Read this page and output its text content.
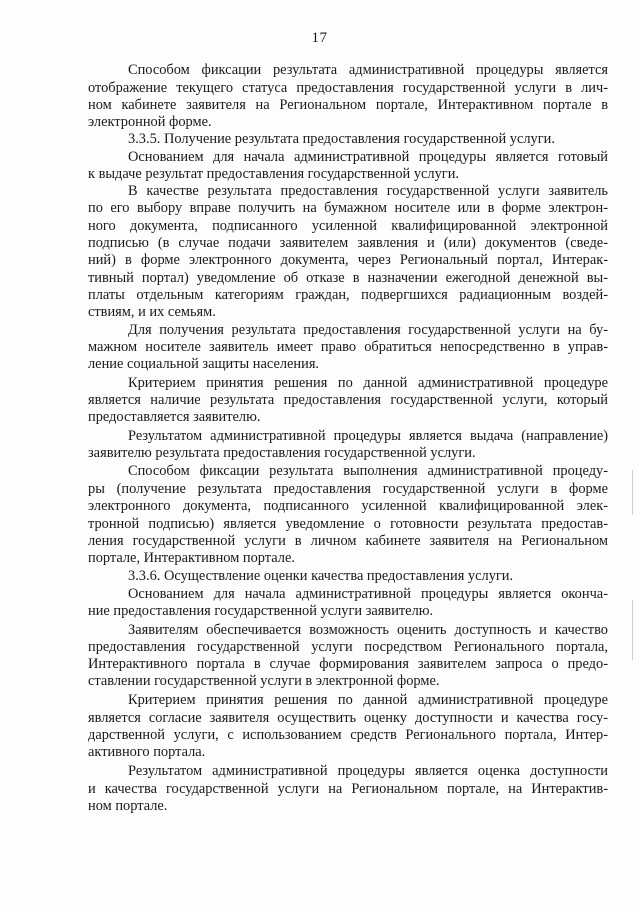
17
Способом фиксации результата административной процедуры является
отображение текущего статуса предоставления государственной услуги в лич-
ном кабинете заявителя на Региональном портале, Интерактивном портале в
электронной форме.
3.3.5. Получение результата предоставления государственной услуги.
Основанием для начала административной процедуры является готовый
к выдаче результат предоставления государственной услуги.
В качестве результата предоставления государственной услуги заявитель
по его выбору вправе получить на бумажном носителе или в форме электрон-
ного документа, подписанного усиленной квалифицированной электронной
подписью (в случае подачи заявителем заявления и (или) документов (сведе-
ний) в форме электронного документа, через Региональный портал, Интерак-
тивный портал) уведомление об отказе в назначении ежегодной денежной вы-
платы отдельным категориям граждан, подвергшихся радиационным воздей-
ствиям, и их семьям.
Для получения результата предоставления государственной услуги на бу-
мажном носителе заявитель имеет право обратиться непосредственно в управ-
ление социальной защиты населения.
Критерием принятия решения по данной административной процедуре
является наличие результата предоставления государственной услуги, который
предоставляется заявителю.
Результатом административной процедуры является выдача (направление)
заявителю результата предоставления государственной услуги.
Способом фиксации результата выполнения административной процеду-
ры (получение результата предоставления государственной услуги в форме
электронного документа, подписанного усиленной квалифицированной элек-
тронной подписью) является уведомление о готовности результата предостав-
ления государственной услуги в личном кабинете заявителя на Региональном
портале, Интерактивном портале.
3.3.6. Осуществление оценки качества предоставления услуги.
Основанием для начала административной процедуры является оконча-
ние предоставления государственной услуги заявителю.
Заявителям обеспечивается возможность оценить доступность и качество
предоставления государственной услуги посредством Регионального портала,
Интерактивного портала в случае формирования заявителем запроса о предо-
ставлении государственной услуги в электронной форме.
Критерием принятия решения по данной административной процедуре
является согласие заявителя осуществить оценку доступности и качества госу-
дарственной услуги, с использованием средств Регионального портала, Интер-
активного портала.
Результатом административной процедуры является оценка доступности
и качества государственной услуги на Региональном портале, на Интерактив-
ном портале.
